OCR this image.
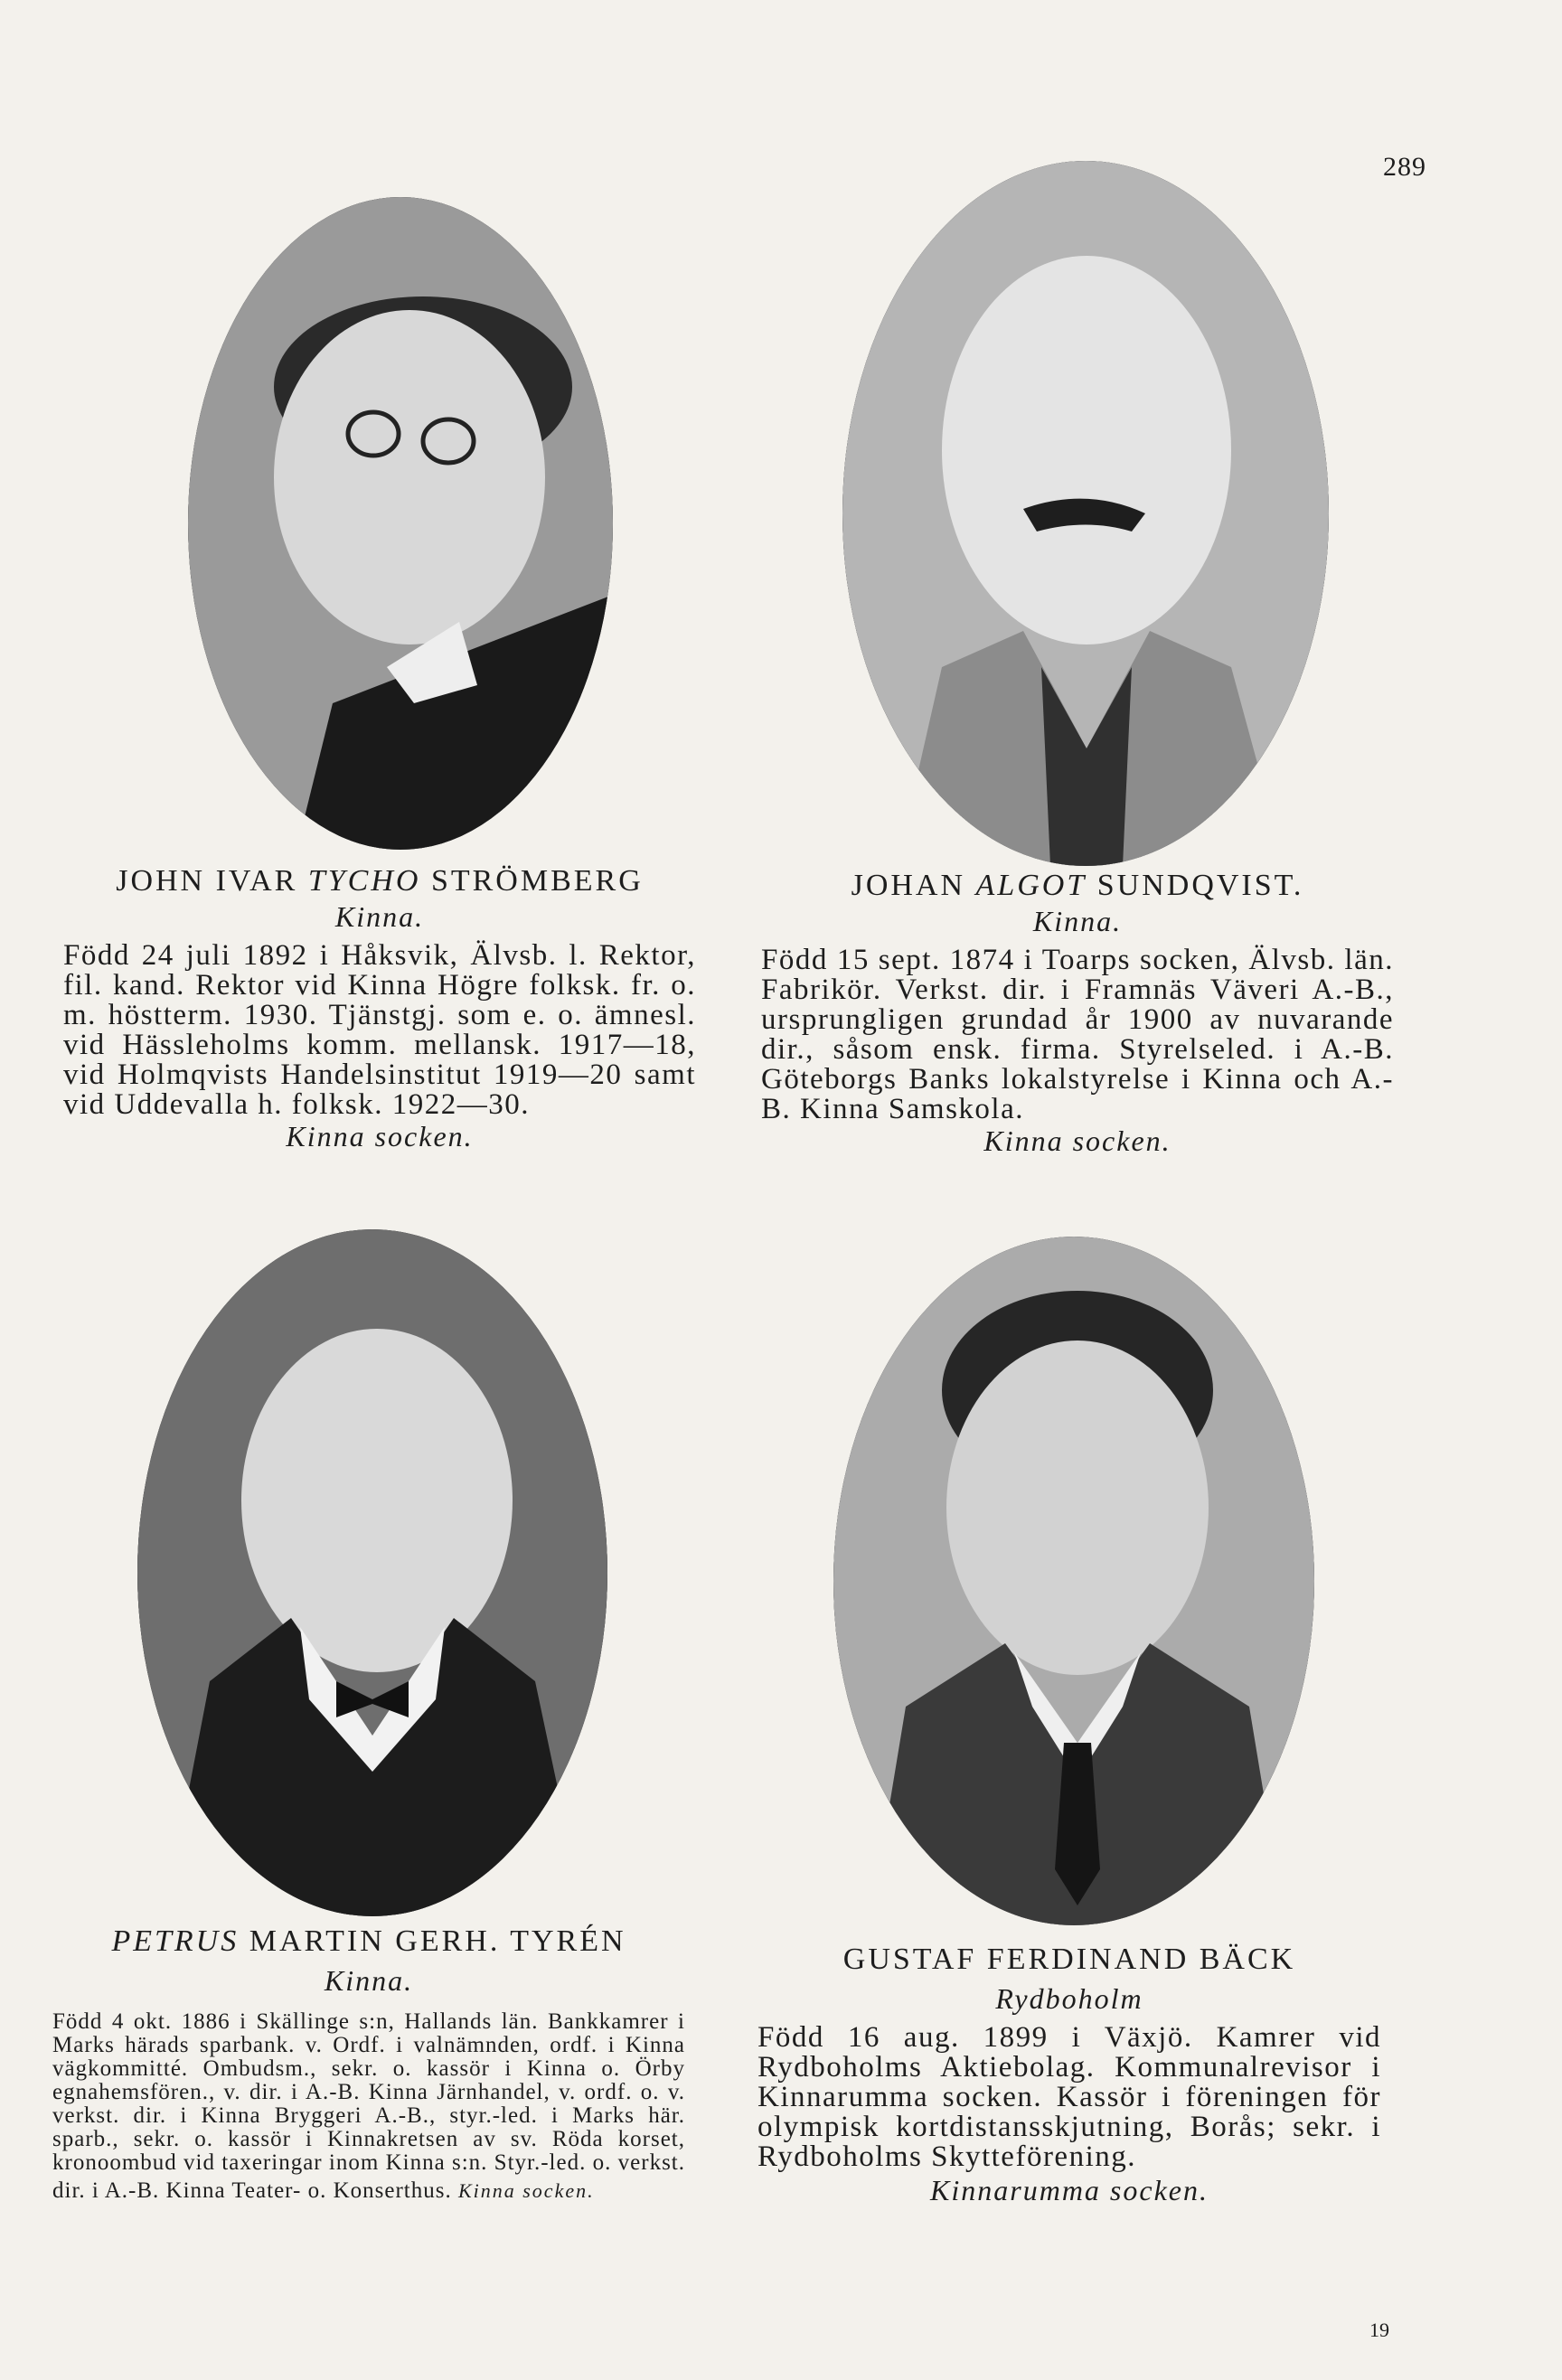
289
JOHN IVAR TYCHO STRÖMBERG
Kinna.
Född 24 juli 1892 i Håksvik, Älvsb. l. Rektor, fil. kand. Rektor vid Kinna Högre folksk. fr. o. m. höstterm. 1930. Tjänstgj. som e. o. ämnesl. vid Hässleholms komm. mellansk. 1917—18, vid Holmqvists Handelsinstitut 1919—20 samt vid Uddevalla h. folksk. 1922—30.
Kinna socken.
JOHAN ALGOT SUNDQVIST.
Kinna.
Född 15 sept. 1874 i Toarps socken, Älvsb. län. Fabrikör. Verkst. dir. i Framnäs Väveri A.-B., ursprungligen grundad år 1900 av nuvarande dir., såsom ensk. firma. Styrelseled. i A.-B. Göteborgs Banks lokalstyrelse i Kinna och A.-B. Kinna Samskola.
Kinna socken.
PETRUS MARTIN GERH. TYRÉN
Kinna.
Född 4 okt. 1886 i Skällinge s:n, Hallands län. Bankkamrer i Marks härads sparbank. v. Ordf. i valnämnden, ordf. i Kinna vägkommitté. Ombudsm., sekr. o. kassör i Kinna o. Örby egnahemsfören., v. dir. i A.-B. Kinna Järnhandel, v. ordf. o. v. verkst. dir. i Kinna Bryggeri A.-B., styr.-led. i Marks här. sparb., sekr. o. kassör i Kinnakretsen av sv. Röda korset, kronoombud vid taxeringar inom Kinna s:n. Styr.-led. o. verkst. dir. i A.-B. Kinna Teater- o. Konserthus. Kinna socken.
GUSTAF FERDINAND BÄCK
Rydboholm
Född 16 aug. 1899 i Växjö. Kamrer vid Rydboholms Aktiebolag. Kommunalrevisor i Kinnarumma socken. Kassör i föreningen för olympisk kortdistansskjutning, Borås; sekr. i Rydboholms Skytteförening.
Kinnarumma socken.
19
